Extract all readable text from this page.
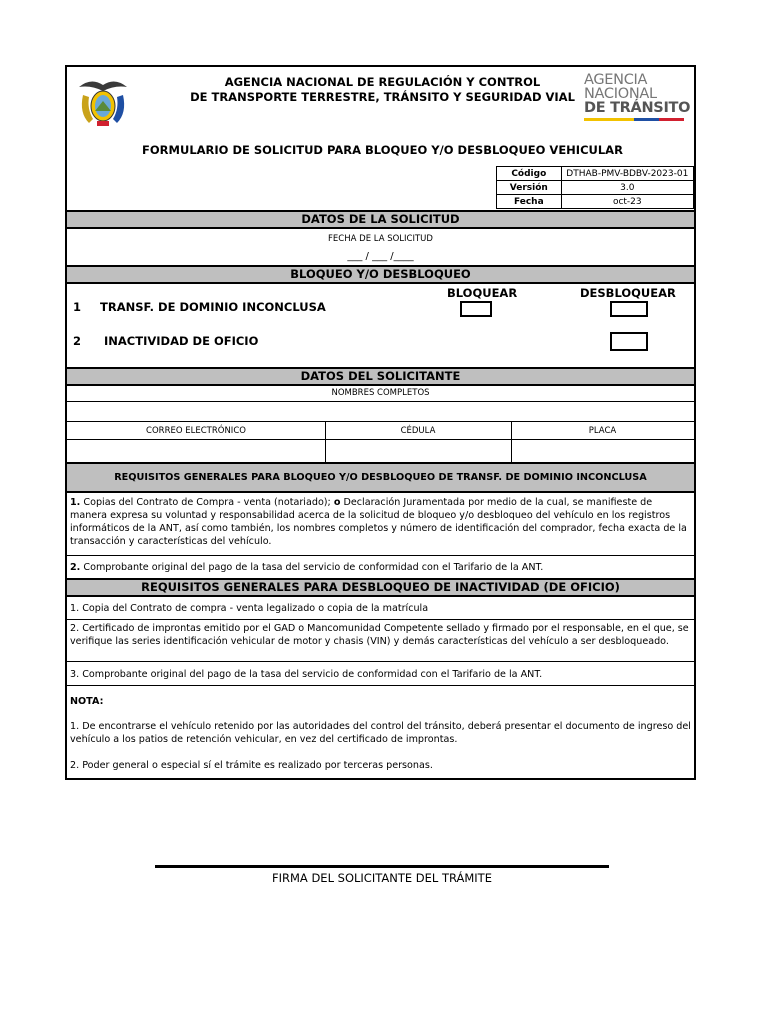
AGENCIA NACIONAL DE REGULACIÓN Y CONTROL
DE TRANSPORTE TERRESTRE, TRÁNSITO Y SEGURIDAD VIAL
AGENCIA
NACIONAL
DE TRÁNSITO
FORMULARIO DE SOLICITUD PARA BLOQUEO Y/O DESBLOQUEO VEHICULAR
Código	DTHAB-PMV-BDBV-2023-01
Versión	3.0
Fecha	oct-23
DATOS DE LA SOLICITUD
FECHA DE LA SOLICITUD
___ / ___ /____
BLOQUEO Y/O DESBLOQUEO
BLOQUEAR	DESBLOQUEAR
1 TRANSF. DE DOMINIO INCONCLUSA
2 INACTIVIDAD DE OFICIO
DATOS DEL SOLICITANTE
NOMBRES COMPLETOS
CORREO ELECTRÓNICO	CÉDULA	PLACA
REQUISITOS GENERALES PARA BLOQUEO Y/O DESBLOQUEO DE TRANSF. DE DOMINIO INCONCLUSA
1. Copias del Contrato de Compra - venta (notariado); o Declaración Juramentada por medio de la cual, se manifieste de manera expresa su voluntad y responsabilidad acerca de la solicitud de bloqueo y/o desbloqueo del vehículo en los registros informáticos de la ANT, así como también, los nombres completos y número de identificación del comprador, fecha exacta de la transacción y características del vehículo.
2. Comprobante original del pago de la tasa del servicio de conformidad con el Tarifario de la ANT.
REQUISITOS GENERALES PARA DESBLOQUEO DE INACTIVIDAD (DE OFICIO)
1. Copia del Contrato de compra - venta legalizado o copia de la matrícula
2. Certificado de improntas emitido por el GAD o Mancomunidad Competente sellado y firmado por el responsable, en el que, se verifique las series identificación vehicular de motor y chasis (VIN) y demás características del vehículo a ser desbloqueado.
3. Comprobante original del pago de la tasa del servicio de conformidad con el Tarifario de la ANT.
NOTA:
1. De encontrarse el vehículo retenido por las autoridades del control del tránsito, deberá presentar el documento de ingreso del vehículo a los patios de retención vehicular, en vez del certificado de improntas.
2. Poder general o especial sí el trámite es realizado por terceras personas.
FIRMA DEL SOLICITANTE DEL TRÁMITE
